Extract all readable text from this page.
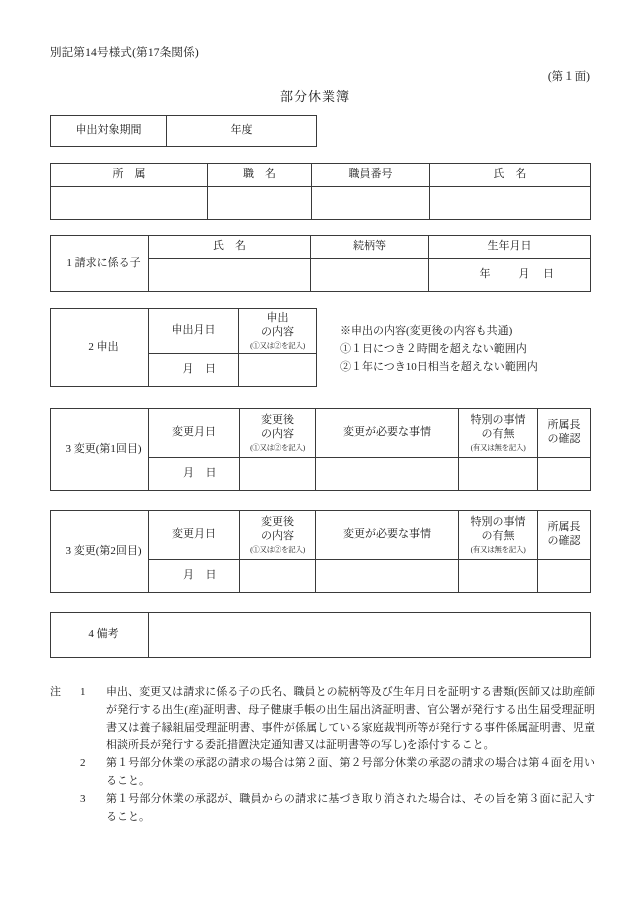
別記第14号様式(第17条関係)
(第１面)
部分休業簿
申出対象期間	年度
所　属	職　名	職員番号	氏　名

1 請求に係る子	氏　名	続柄等	生年月日
			年 月 日
2 申出	申出月日	申出
の内容
(①又は②を記入)

	月 日	
※申出の内容(変更後の内容も共通)
①１日につき２時間を超えない範囲内
②１年につき10日相当を超えない範囲内
3 変更(第1回目)	変更月日	変更後
の内容
(①又は②を記入)	変更が必要な事情	特別の事情
の有無
(有又は無を記入)	所属長
の確認
	月 日				
3 変更(第2回目)	変更月日	変更後
の内容
(①又は②を記入)	変更が必要な事情	特別の事情
の有無
(有又は無を記入)	所属長
の確認
	月 日				
4 備考	
注	1	申出、変更又は請求に係る子の氏名、職員との続柄等及び生年月日を証明する書類(医師又は助産師が発行する出生(産)証明書、母子健康手帳の出生届出済証明書、官公署が発行する出生届受理証明書又は養子縁組届受理証明書、事件が係属している家庭裁判所等が発行する事件係属証明書、児童相談所長が発行する委託措置決定通知書又は証明書等の写し)を添付すること。
2	第１号部分休業の承認の請求の場合は第２面、第２号部分休業の承認の請求の場合は第４面を用いること。
3	第１号部分休業の承認が、職員からの請求に基づき取り消された場合は、その旨を第３面に記入すること。
